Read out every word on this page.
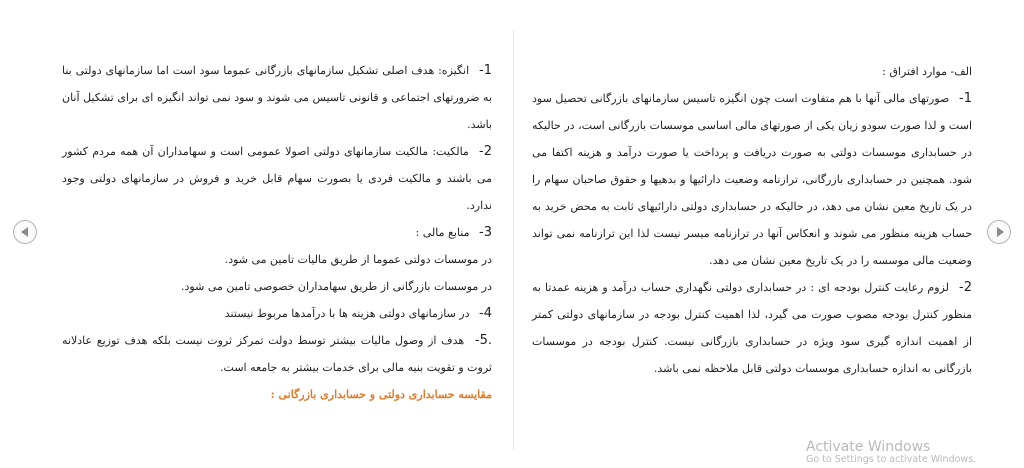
الف- موارد افتراق :

1- صورتهای مالی آنها با هم متفاوت است چون انگیزه تاسیس سازمانهای بازرگانی تحصیل سود است و لذا صورت سودو زیان یکی از صورتهای مالی اساسی موسسات بازرگانی است، در حالیکه در حسابداری موسسات دولتی به صورت دریافت و پرداخت یا صورت درآمد و هزینه اکتفا می شود. همچنین در حسابداری بازرگانی، ترازنامه وضعیت دارائیها و بدهیها و حقوق صاحبان سهام را در یک تاریخ معین نشان می دهد، در حالیکه در حسابداری دولتی دارائیهای ثابت به محض خرید به حساب هزینه منظور می شوند و انعکاس آنها در ترازنامه میسر نیست لذا این ترازنامه نمی تواند وضعیت مالی موسسه را در یک تاریخ معین نشان می دهد.

2- لزوم رعایت کنترل بودجه ای : در حسابداری دولتی نگهداری حساب درآمد و هزینه عمدتا به منظور کنترل بودجه مصوب صورت می گیرد، لذا اهمیت کنترل بودجه در سازمانهای دولتی کمتر از اهمیت اندازه گیری سود ویژه در حسابداری بازرگانی نیست. کنترل بودجه در موسسات بازرگانی به اندازه حسابداری موسسات دولتی قابل ملاحظه نمی باشد.

1- انگیزه: هدف اصلی تشکیل سازمانهای بازرگانی عموما سود است اما سازمانهای دولتی بنا به ضرورتهای اجتماعی و قانونی تاسیس می شوند و سود نمی تواند انگیزه ای برای تشکیل آنان باشد.

2- مالکیت: مالکیت سازمانهای دولتی اصولا عمومی است و سهامداران آن همه مردم کشور می باشند و مالکیت فردی یا بصورت سهام قابل خرید و فروش در سازمانهای دولتی وجود ندارد.

3- منابع مالی :

در موسسات دولتی عموما از طریق مالیات تامین می شود.

در موسسات بازرگانی از طریق سهامداران خصوصی تامین می شود.

4- در سازمانهای دولتی هزینه ها با درآمدها مربوط نیستند

.5- هدف از وصول مالیات بیشتر توسط دولت تمرکز ثروت نیست بلکه هدف توزیع عادلانه ثروت و تقویت بنیه مالی برای خدمات بیشتر به جامعه است.

مقایسه حسابداری دولتی و حسابداری بازرگانی :

Activate Windows
Go to Settings to activate Windows.
